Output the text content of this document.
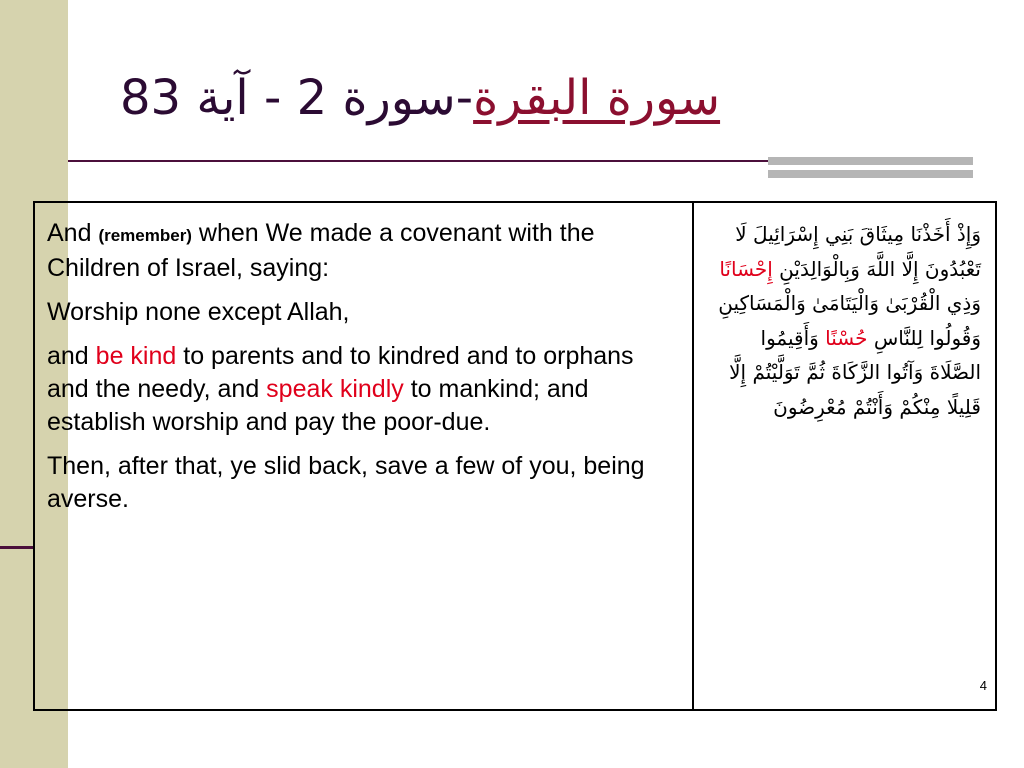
سورة البقرة
-
سورة 2 - آية 83

And (remember) when We made a covenant with the Children of Israel, saying:

Worship none except Allah,

and be kind to parents and to kindred and to orphans and the needy, and speak kindly to mankind; and establish worship and pay the poor-due.

Then, after that, ye slid back, save a few of you, being averse.

وَإِذْ أَخَذْنَا مِيثَاقَ بَنِي إِسْرَائِيلَ لَا تَعْبُدُونَ إِلَّا اللَّهَ وَبِالْوَالِدَيْنِ إِحْسَانًا وَذِي الْقُرْبَىٰ وَالْيَتَامَىٰ وَالْمَسَاكِينِ وَقُولُوا لِلنَّاسِ حُسْنًا وَأَقِيمُوا الصَّلَاةَ وَآتُوا الزَّكَاةَ ثُمَّ تَوَلَّيْتُمْ إِلَّا قَلِيلًا مِنْكُمْ وَأَنْتُمْ مُعْرِضُونَ
4
